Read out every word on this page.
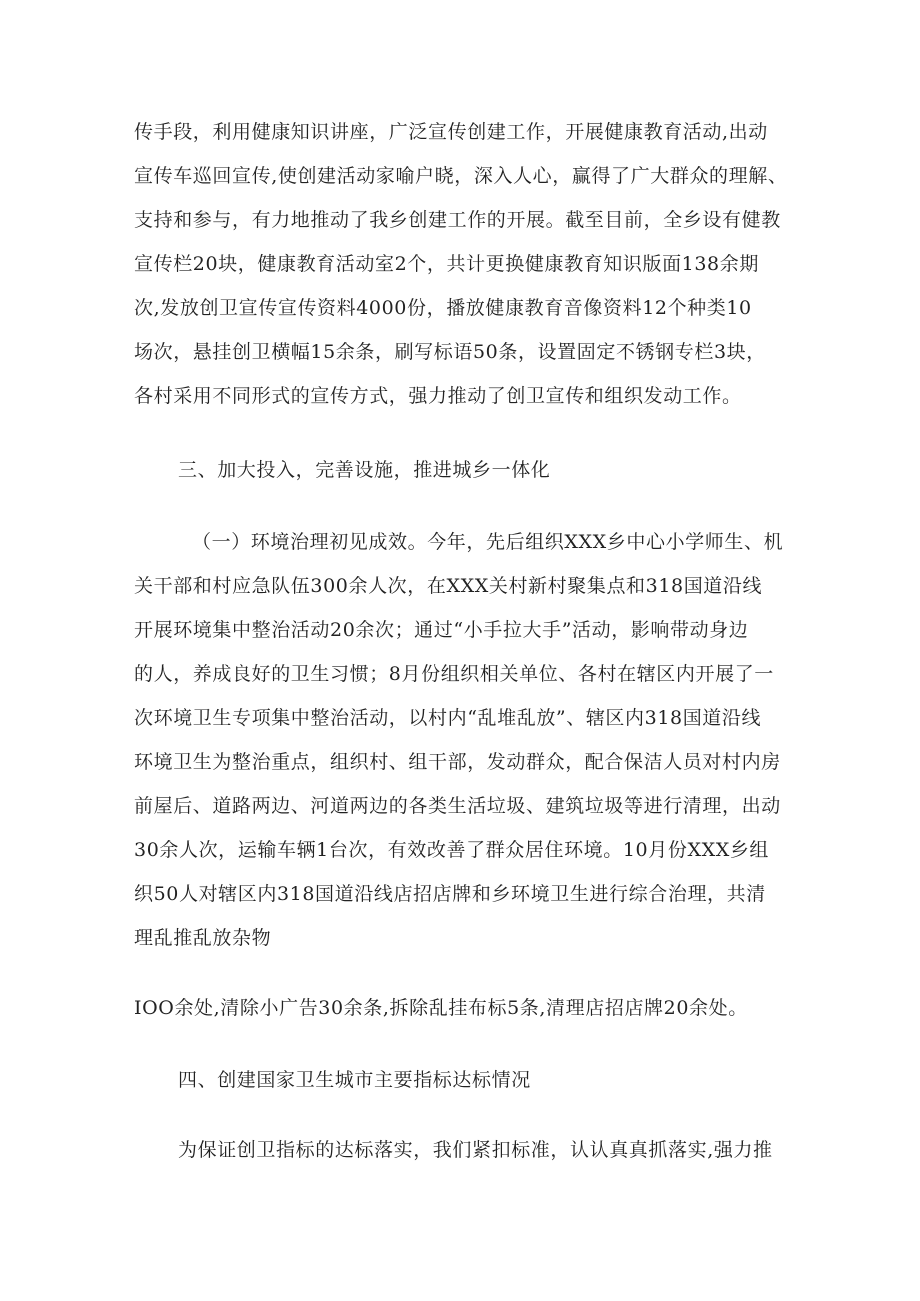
传手段，利用健康知识讲座，广泛宣传创建工作，开展健康教育活动,出动
宣传车巡回宣传,使创建活动家喻户晓，深入人心，赢得了广大群众的理解、
支持和参与，有力地推动了我乡创建工作的开展。截至目前，全乡设有健教
宣传栏20块，健康教育活动室2个，共计更换健康教育知识版面138余期
次,发放创卫宣传宣传资料4000份，播放健康教育音像资料12个种类10
场次，悬挂创卫横幅15余条，刷写标语50条，设置固定不锈钢专栏3块，
各村采用不同形式的宣传方式，强力推动了创卫宣传和组织发动工作。
三、加大投入，完善设施，推进城乡一体化
（一）环境治理初见成效。今年，先后组织XXX乡中心小学师生、机
关干部和村应急队伍300余人次，在XXX关村新村聚集点和318国道沿线
开展环境集中整治活动20余次；通过“小手拉大手”活动，影响带动身边
的人，养成良好的卫生习惯；8月份组织相关单位、各村在辖区内开展了一
次环境卫生专项集中整治活动，以村内“乱堆乱放”、辖区内318国道沿线
环境卫生为整治重点，组织村、组干部，发动群众，配合保洁人员对村内房
前屋后、道路两边、河道两边的各类生活垃圾、建筑垃圾等进行清理，出动
30余人次，运输车辆1台次，有效改善了群众居住环境。10月份XXX乡组
织50人对辖区内318国道沿线店招店牌和乡环境卫生进行综合治理，共清
理乱推乱放杂物
IOO余处,清除小广告30余条,拆除乱挂布标5条,清理店招店牌20余处。
四、创建国家卫生城市主要指标达标情况
为保证创卫指标的达标落实，我们紧扣标准，认认真真抓落实,强力推
